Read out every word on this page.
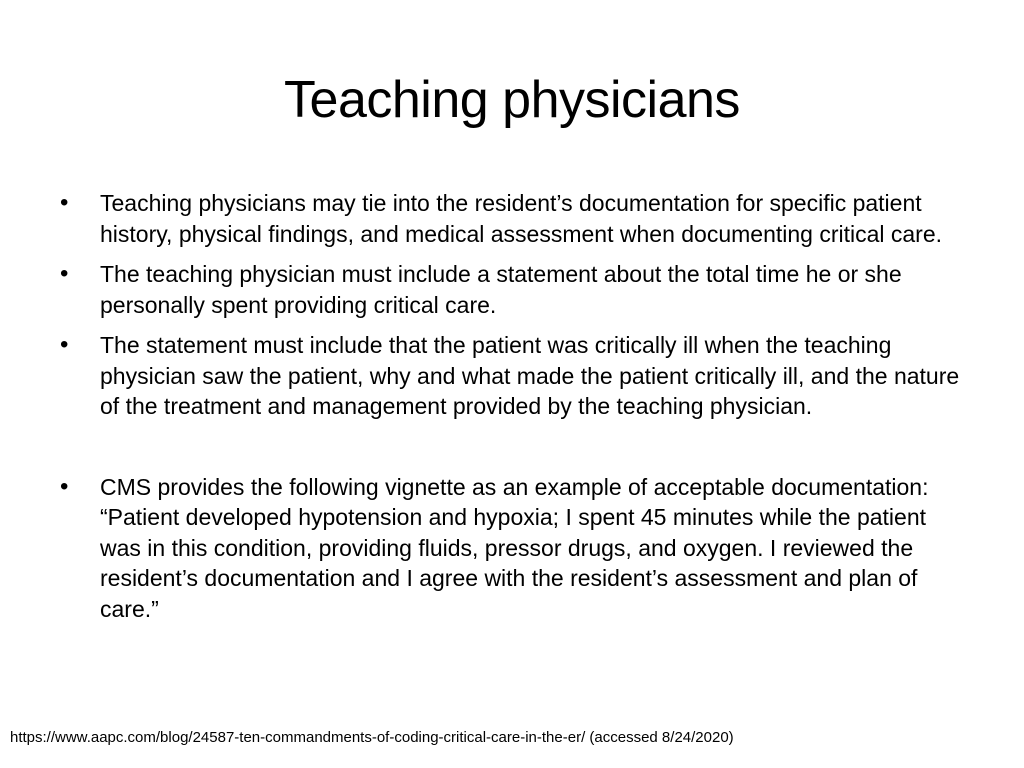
Teaching physicians
• Teaching physicians may tie into the resident’s documentation for specific patient history, physical findings, and medical assessment when documenting critical care.
• The teaching physician must include a statement about the total time he or she personally spent providing critical care.
• The statement must include that the patient was critically ill when the teaching physician saw the patient, why and what made the patient critically ill, and the nature of the treatment and management provided by the teaching physician.
• CMS provides the following vignette as an example of acceptable documentation: “Patient developed hypotension and hypoxia; I spent 45 minutes while the patient was in this condition, providing fluids, pressor drugs, and oxygen. I reviewed the resident’s documentation and I agree with the resident’s assessment and plan of care.”
https://www.aapc.com/blog/24587-ten-commandments-of-coding-critical-care-in-the-er/ (accessed 8/24/2020)
